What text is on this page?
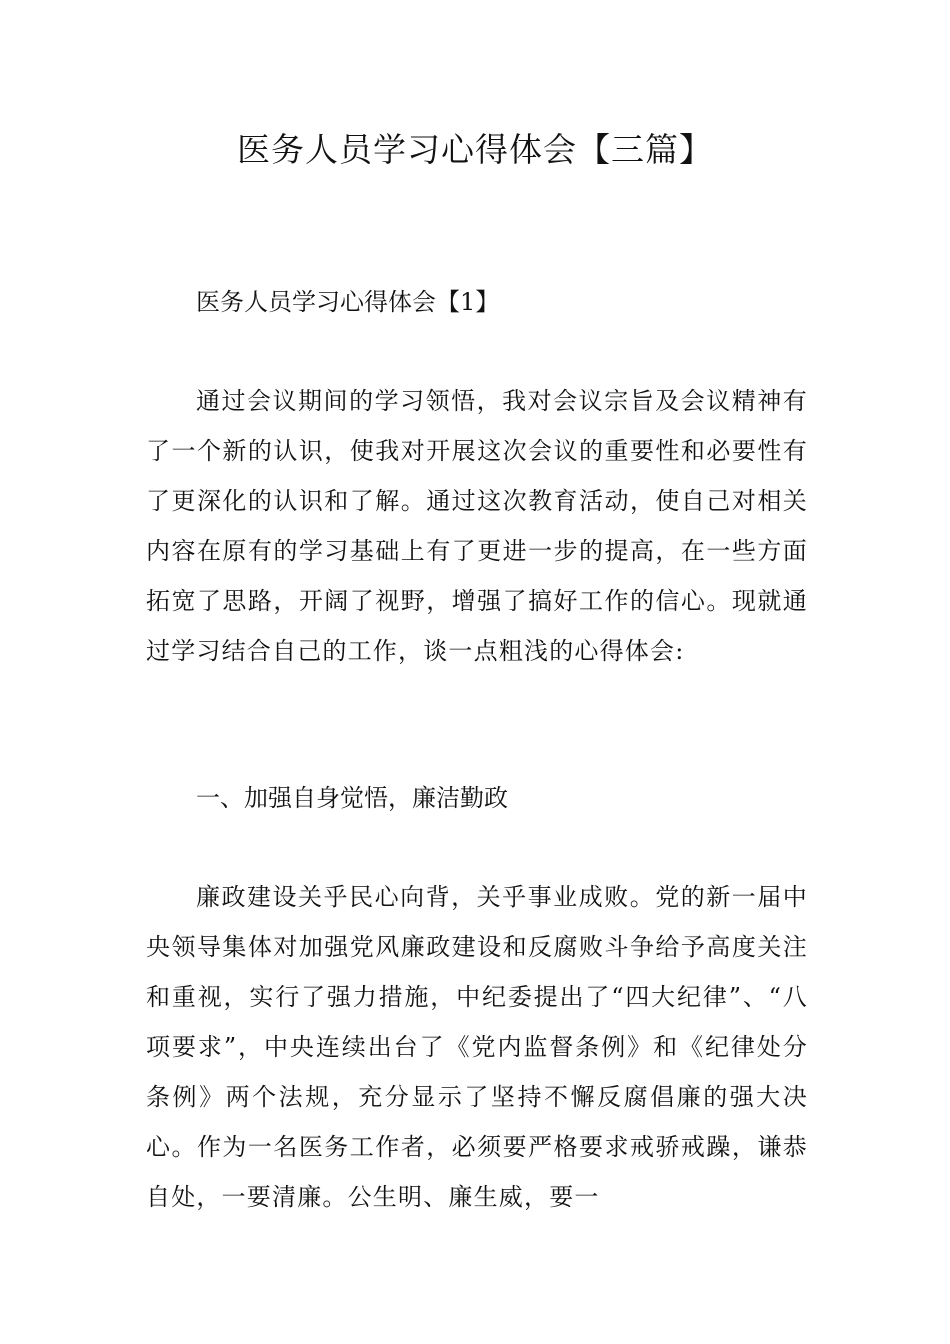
医务人员学习心得体会【三篇】
医务人员学习心得体会【1】

通过会议期间的学习领悟，我对会议宗旨及会议精神有了一个新的认识，使我对开展这次会议的重要性和必要性有了更深化的认识和了解。通过这次教育活动，使自己对相关内容在原有的学习基础上有了更进一步的提高，在一些方面拓宽了思路，开阔了视野，增强了搞好工作的信心。现就通过学习结合自己的工作，谈一点粗浅的心得体会:

一、加强自身觉悟，廉洁勤政

廉政建设关乎民心向背，关乎事业成败。党的新一届中央领导集体对加强党风廉政建设和反腐败斗争给予高度关注和重视，实行了强力措施，中纪委提出了“四大纪律”、“八项要求”，中央连续出台了《党内监督条例》和《纪律处分条例》两个法规，充分显示了坚持不懈反腐倡廉的强大决心。作为一名医务工作者，必须要严格要求戒骄戒躁，谦恭自处，一要清廉。公生明、廉生威，要一
